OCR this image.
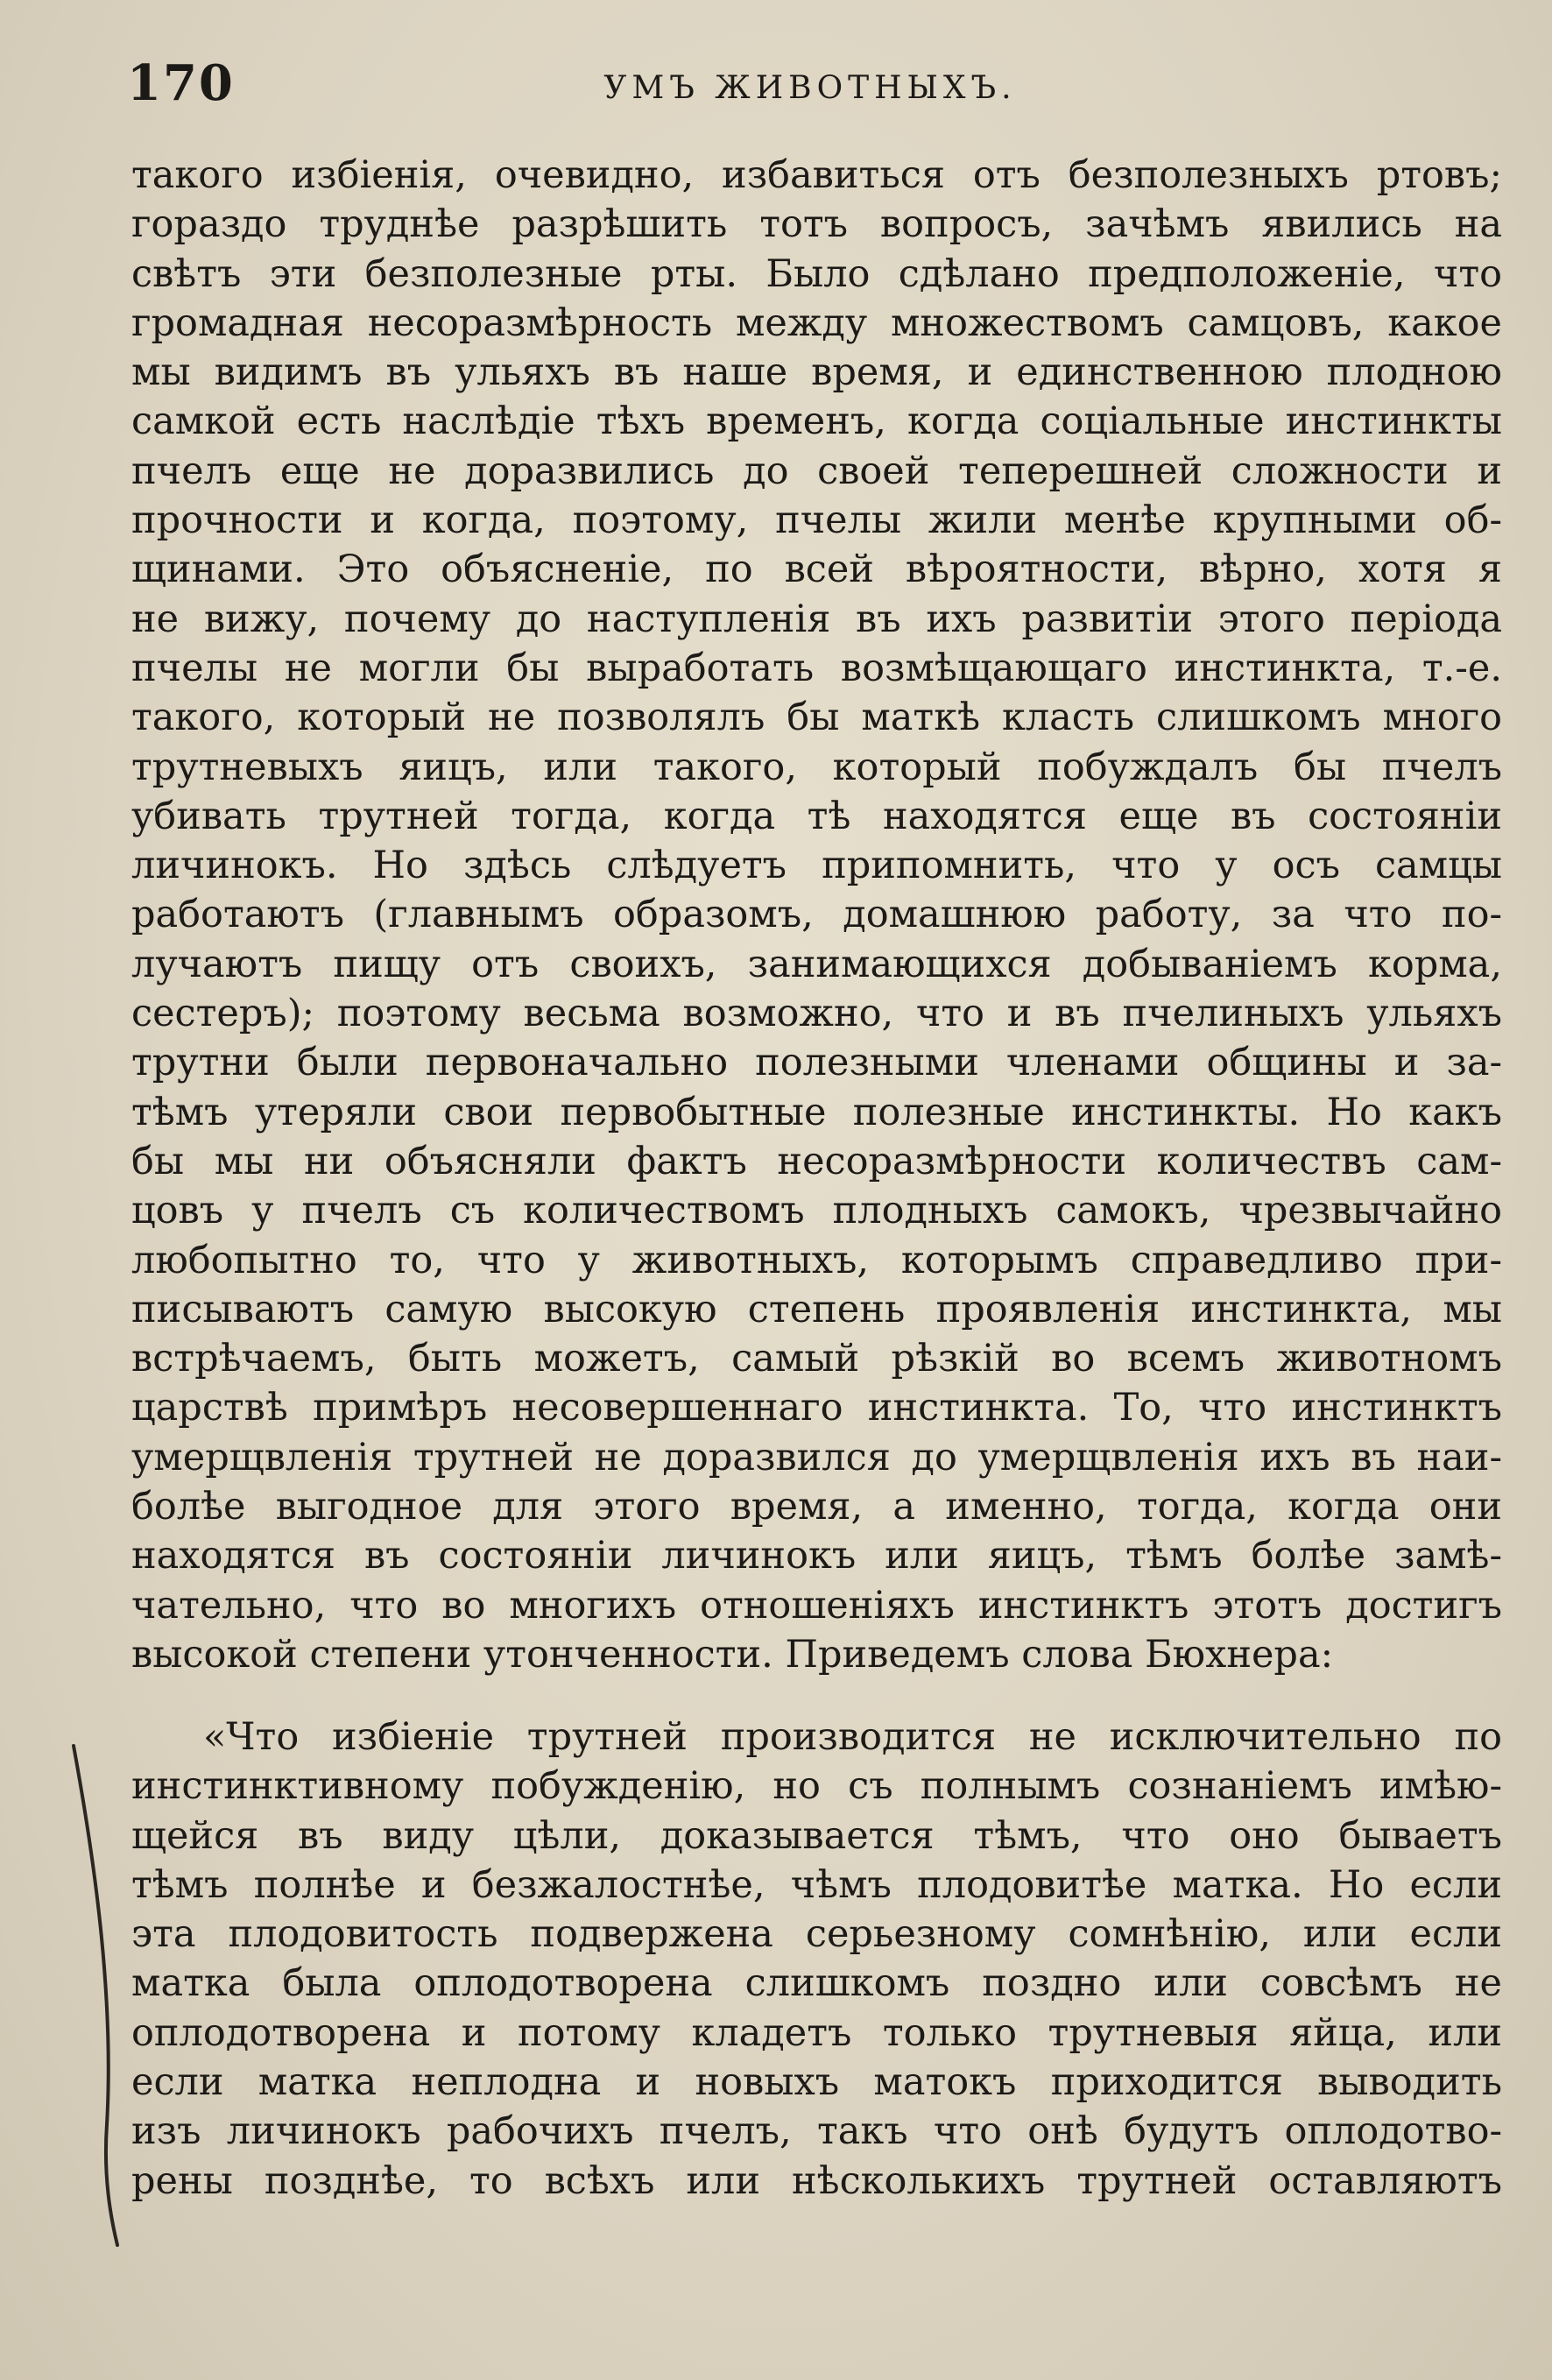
170	УМЪ ЖИВОТНЫХЪ.
такого избіенія, очевидно, избавиться отъ безполезныхъ ртовъ;
гораздо труднѣе разрѣшить тотъ вопросъ, зачѣмъ явились на
свѣтъ эти безполезные рты. Было сдѣлано предположеніе, что
громадная несоразмѣрность между множествомъ самцовъ, какое
мы видимъ въ ульяхъ въ наше время, и единственною плодною
самкой есть наслѣдіе тѣхъ временъ, когда соціальные инстинкты
пчелъ еще не доразвились до своей теперешней сложности и
прочности и когда, поэтому, пчелы жили менѣе крупными об-
щинами. Это объясненіе, по всей вѣроятности, вѣрно, хотя я
не вижу, почему до наступленія въ ихъ развитіи этого періода
пчелы не могли бы выработать возмѣщающаго инстинкта, т.-е.
такого, который не позволялъ бы маткѣ класть слишкомъ много
трутневыхъ яицъ, или такого, который побуждалъ бы пчелъ
убивать трутней тогда, когда тѣ находятся еще въ состояніи
личинокъ. Но здѣсь слѣдуетъ припомнить, что у осъ самцы
работаютъ (главнымъ образомъ, домашнюю работу, за что по-
лучаютъ пищу отъ своихъ, занимающихся добываніемъ корма,
сестеръ); поэтому весьма возможно, что и въ пчелиныхъ ульяхъ
трутни были первоначально полезными членами общины и за-
тѣмъ утеряли свои первобытные полезные инстинкты. Но какъ
бы мы ни объясняли фактъ несоразмѣрности количествъ сам-
цовъ у пчелъ съ количествомъ плодныхъ самокъ, чрезвычайно
любопытно то, что у животныхъ, которымъ справедливо при-
писываютъ самую высокую степень проявленія инстинкта, мы
встрѣчаемъ, быть можетъ, самый рѣзкій во всемъ животномъ
царствѣ примѣръ несовершеннаго инстинкта. То, что инстинктъ
умерщвленія трутней не доразвился до умерщвленія ихъ въ наи-
болѣе выгодное для этого время, а именно, тогда, когда они
находятся въ состояніи личинокъ или яицъ, тѣмъ болѣе замѣ-
чательно, что во многихъ отношеніяхъ инстинктъ этотъ достигъ
высокой степени утонченности. Приведемъ слова Бюхнера:
«Что избіеніе трутней производится не исключительно по
инстинктивному побужденію, но съ полнымъ сознаніемъ имѣю-
щейся въ виду цѣли, доказывается тѣмъ, что оно бываетъ
тѣмъ полнѣе и безжалостнѣе, чѣмъ плодовитѣе матка. Но если
эта плодовитость подвержена серьезному сомнѣнію, или если
матка была оплодотворена слишкомъ поздно или совсѣмъ не
оплодотворена и потому кладетъ только трутневыя яйца, или
если матка неплодна и новыхъ матокъ приходится выводить
изъ личинокъ рабочихъ пчелъ, такъ что онѣ будутъ оплодотво-
рены позднѣе, то всѣхъ или нѣсколькихъ трутней оставляютъ
